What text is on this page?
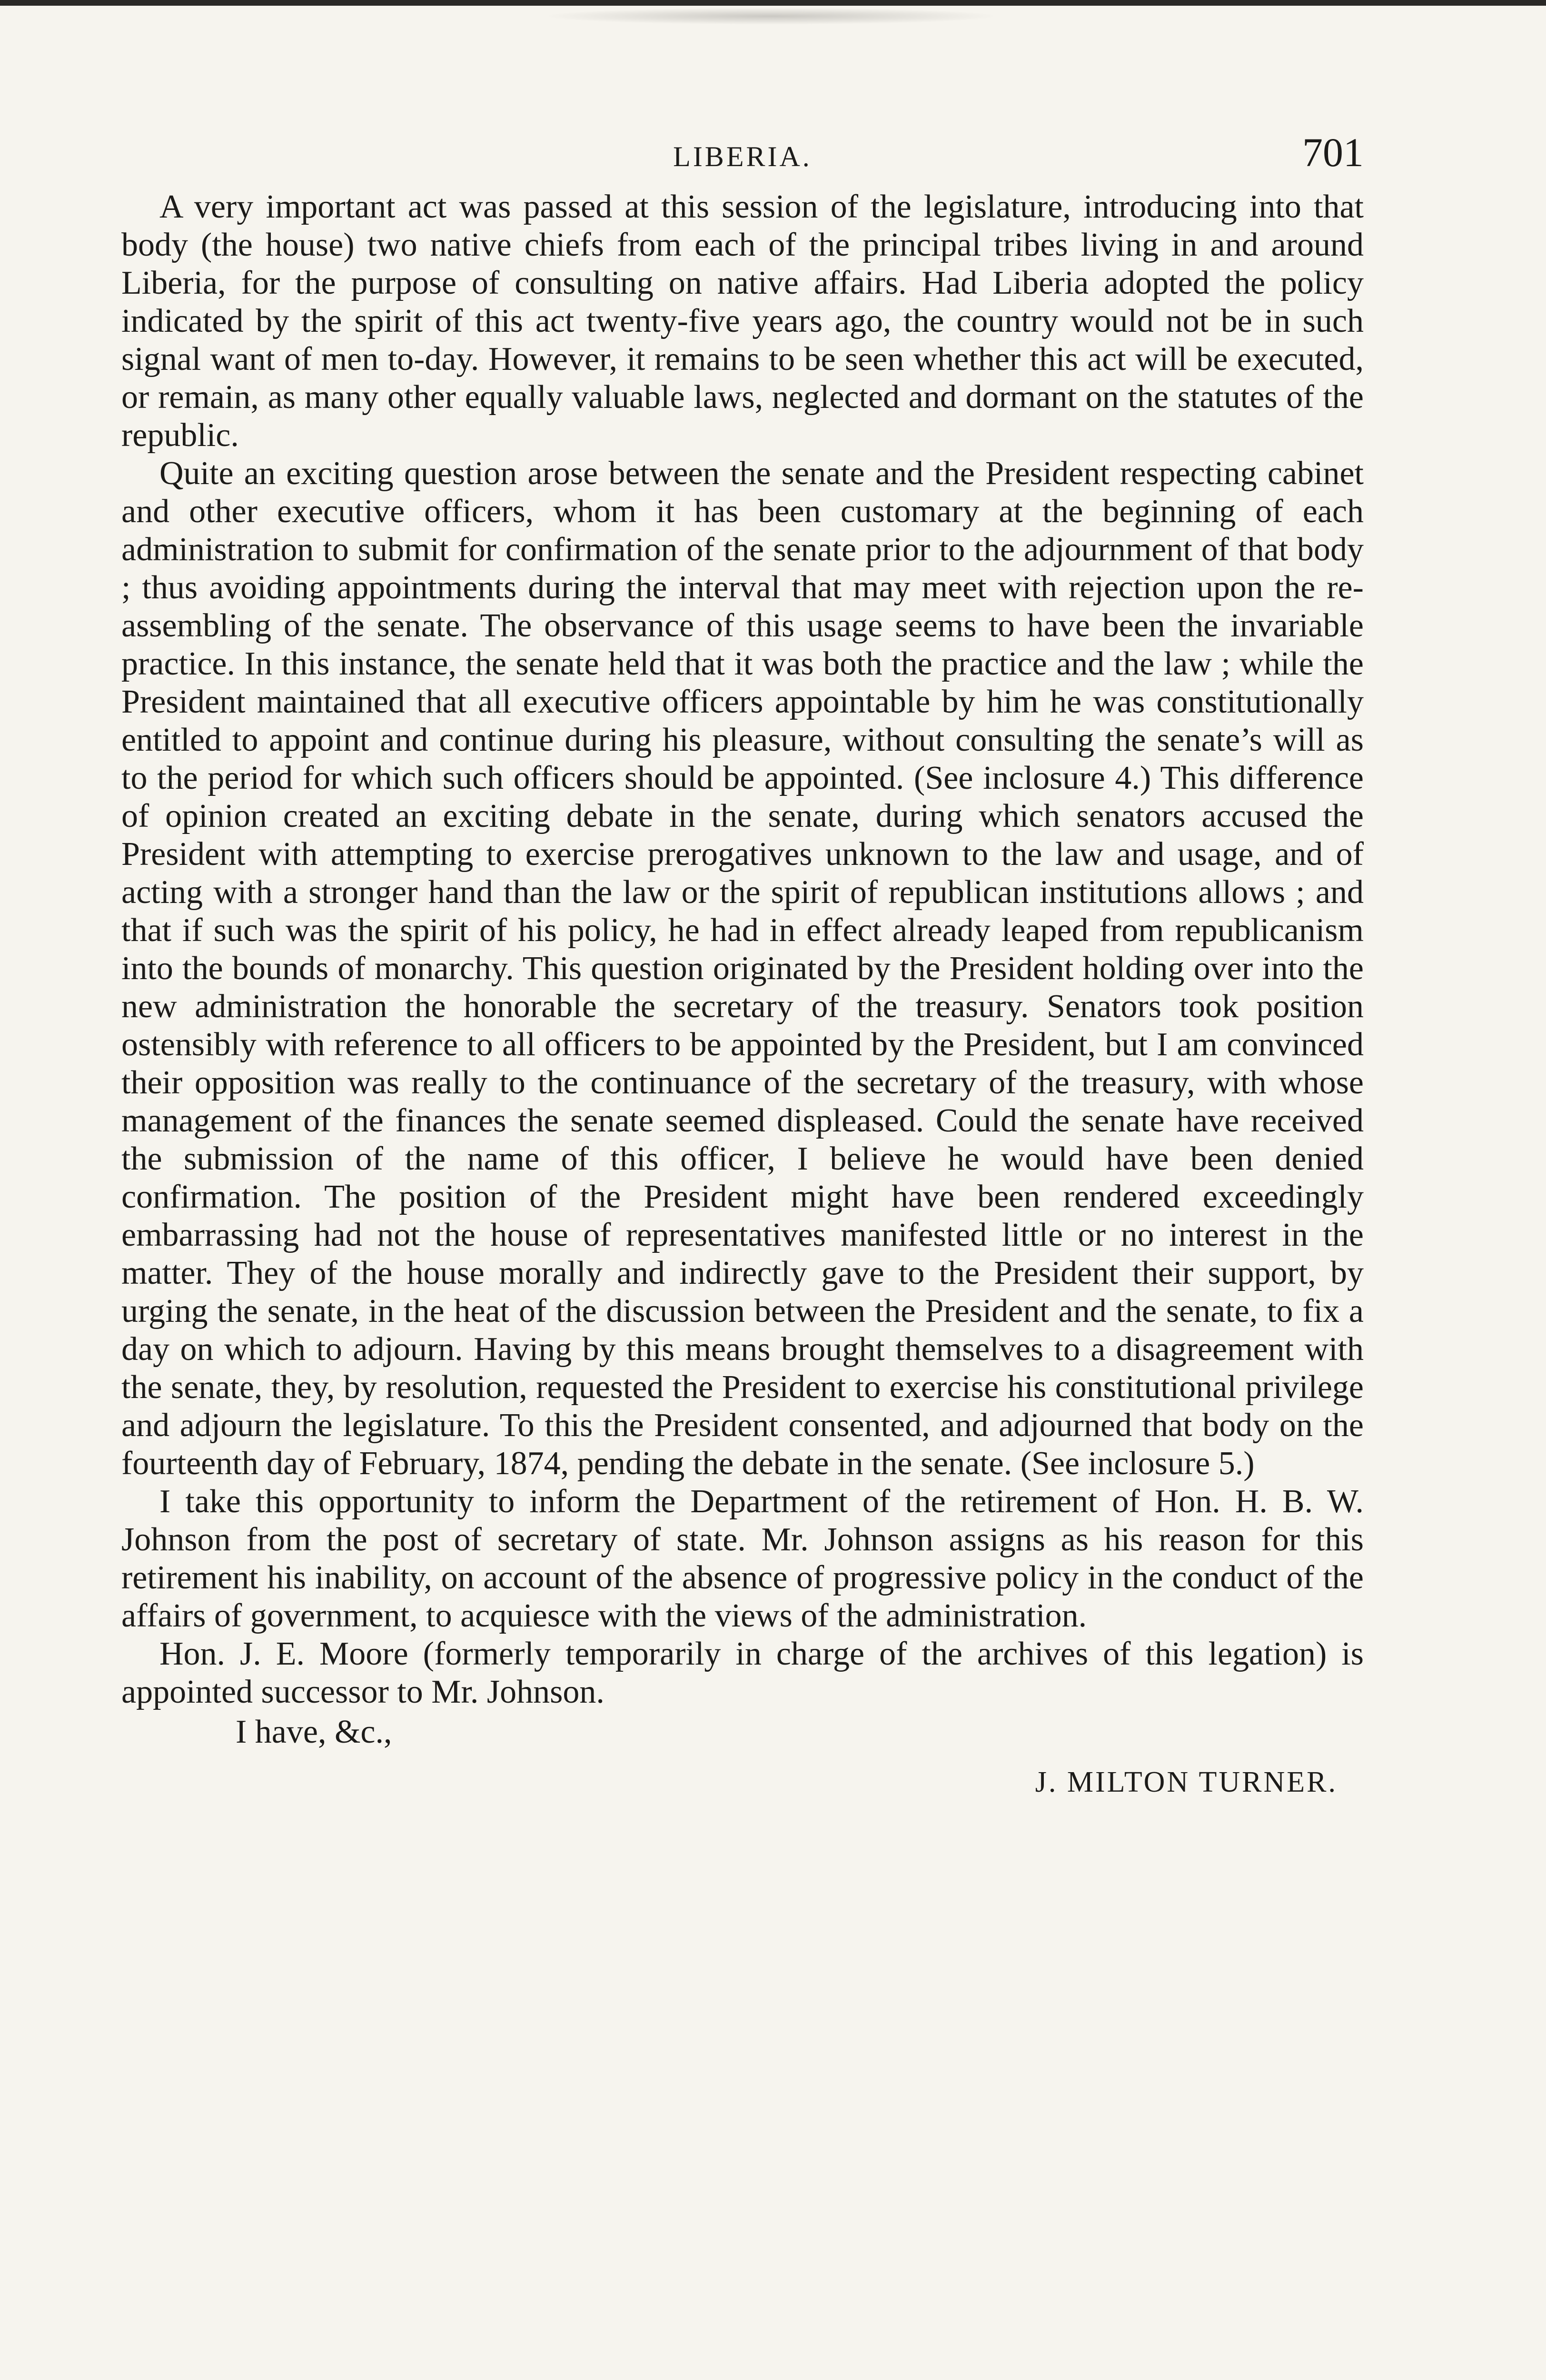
LIBERIA.	701

A very important act was passed at this session of the legislature, introducing into that body (the house) two native chiefs from each of the principal tribes living in and around Liberia, for the purpose of consulting on native affairs. Had Liberia adopted the policy indicated by the spirit of this act twenty-five years ago, the country would not be in such signal want of men to-day. However, it remains to be seen whether this act will be executed, or remain, as many other equally valuable laws, neglected and dormant on the statutes of the republic.

Quite an exciting question arose between the senate and the President respecting cabinet and other executive officers, whom it has been customary at the beginning of each administration to submit for confirmation of the senate prior to the adjournment of that body ; thus avoiding appointments during the interval that may meet with rejection upon the re-assembling of the senate. The observance of this usage seems to have been the invariable practice. In this instance, the senate held that it was both the practice and the law ; while the President maintained that all executive officers appointable by him he was constitutionally entitled to appoint and continue during his pleasure, without consulting the senate’s will as to the period for which such officers should be appointed. (See inclosure 4.) This difference of opinion created an exciting debate in the senate, during which senators accused the President with attempting to exercise prerogatives unknown to the law and usage, and of acting with a stronger hand than the law or the spirit of republican institutions allows ; and that if such was the spirit of his policy, he had in effect already leaped from republicanism into the bounds of monarchy. This question originated by the President holding over into the new administration the honorable the secretary of the treasury. Senators took position ostensibly with reference to all officers to be appointed by the President, but I am convinced their opposition was really to the continuance of the secretary of the treasury, with whose management of the finances the senate seemed displeased. Could the senate have received the submission of the name of this officer, I believe he would have been denied confirmation. The position of the President might have been rendered exceedingly embarrassing had not the house of representatives manifested little or no interest in the matter. They of the house morally and indirectly gave to the President their support, by urging the senate, in the heat of the discussion between the President and the senate, to fix a day on which to adjourn. Having by this means brought themselves to a disagreement with the senate, they, by resolution, requested the President to exercise his constitutional privilege and adjourn the legislature. To this the President consented, and adjourned that body on the fourteenth day of February, 1874, pending the debate in the senate. (See inclosure 5.)

I take this opportunity to inform the Department of the retirement of Hon. H. B. W. Johnson from the post of secretary of state. Mr. Johnson assigns as his reason for this retirement his inability, on account of the absence of progressive policy in the conduct of the affairs of government, to acquiesce with the views of the administration.

Hon. J. E. Moore (formerly temporarily in charge of the archives of this legation) is appointed successor to Mr. Johnson.

I have, &c.,
J. MILTON TURNER.
